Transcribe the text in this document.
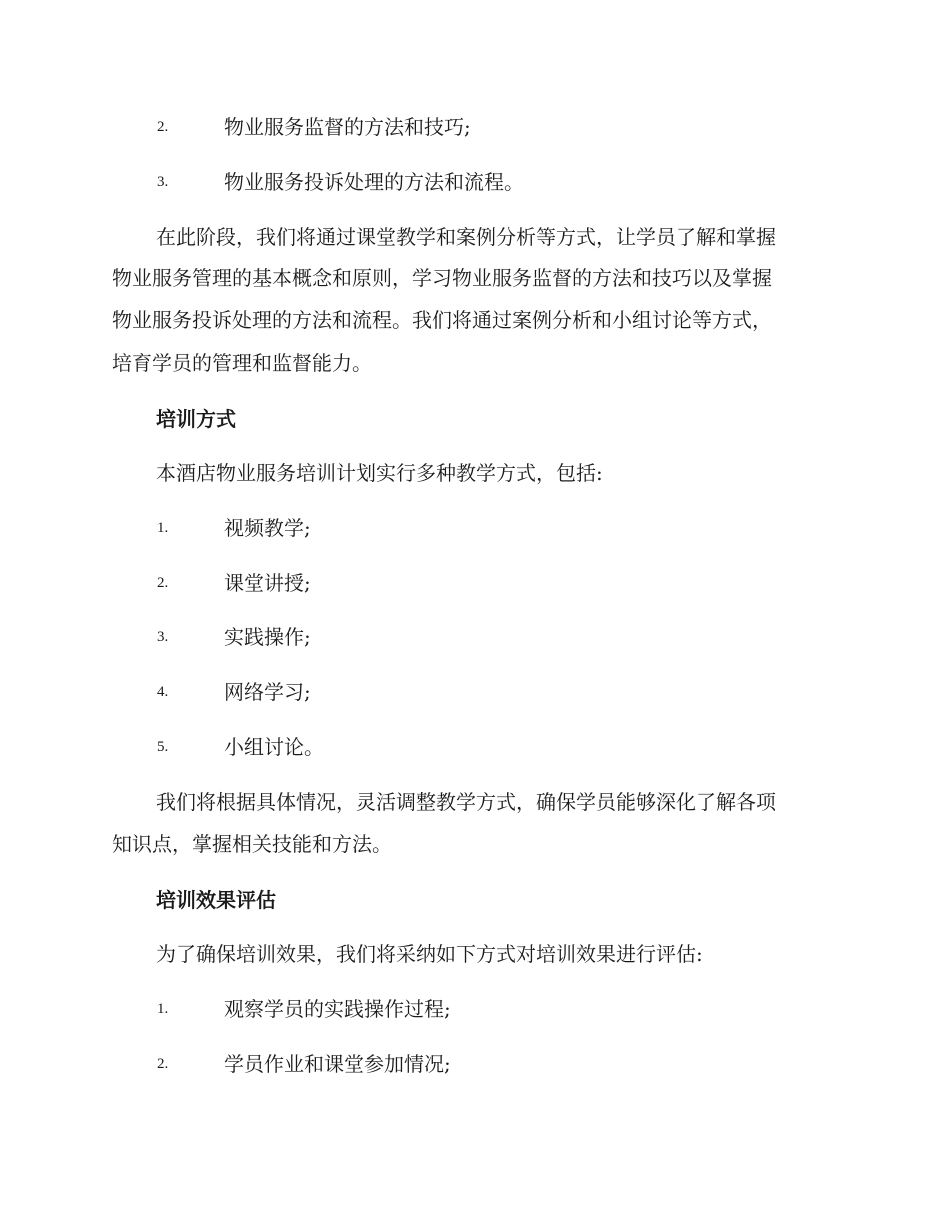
2.	物业服务监督的方法和技巧;
3.	物业服务投诉处理的方法和流程。
在此阶段，我们将通过课堂教学和案例分析等方式，让学员了解和掌握
物业服务管理的基本概念和原则，学习物业服务监督的方法和技巧以及掌握
物业服务投诉处理的方法和流程。我们将通过案例分析和小组讨论等方式，
培育学员的管理和监督能力。
培训方式
本酒店物业服务培训计划实行多种教学方式，包括:
1.	视频教学;
2.	课堂讲授;
3.	实践操作;
4.	网络学习;
5.	小组讨论。
我们将根据具体情况，灵活调整教学方式，确保学员能够深化了解各项
知识点，掌握相关技能和方法。
培训效果评估
为了确保培训效果，我们将采纳如下方式对培训效果进行评估:
1.	观察学员的实践操作过程;
2.	学员作业和课堂参加情况;
